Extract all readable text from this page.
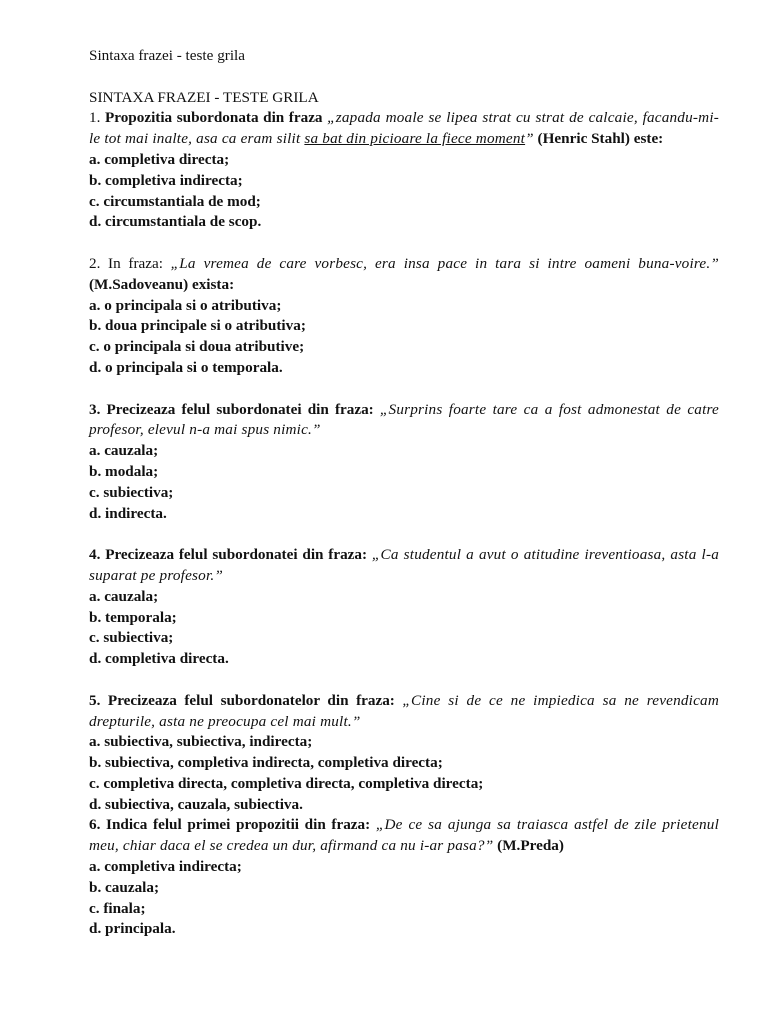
Sintaxa frazei - teste grila

SINTAXA FRAZEI - TESTE GRILA

1. Propozitia subordonata din fraza „zapada moale se lipea strat cu strat de calcaie, facandu-mi-le tot mai inalte, asa ca eram silit sa bat din picioare la fiece moment” (Henric Stahl) este:
a. completiva directa;
b. completiva indirecta;
c. circumstantiala de mod;
d. circumstantiala de scop.
2. In fraza: „La vremea de care vorbesc, era insa pace in tara si intre oameni buna-voire.” (M.Sadoveanu) exista:
a. o principala si o atributiva;
b. doua principale si o atributiva;
c. o principala si doua atributive;
d. o principala si o temporala.
3. Precizeaza felul subordonatei din fraza: „Surprins foarte tare ca a fost admonestat de catre profesor, elevul n-a mai spus nimic.”
a. cauzala;
b. modala;
c. subiectiva;
d. indirecta.
4. Precizeaza felul subordonatei din fraza: „Ca studentul a avut o atitudine ireventioasa, asta l-a suparat pe profesor.”
a. cauzala;
b. temporala;
c. subiectiva;
d. completiva directa.
5. Precizeaza felul subordonatelor din fraza: „Cine si de ce ne impiedica sa ne revendicam drepturile, asta ne preocupa cel mai mult.”
a. subiectiva, subiectiva, indirecta;
b. subiectiva, completiva indirecta, completiva directa;
c. completiva directa, completiva directa, completiva directa;
d. subiectiva, cauzala, subiectiva.
6. Indica felul primei propozitii din fraza: „De ce sa ajunga sa traiasca astfel de zile prietenul meu, chiar daca el se credea un dur, afirmand ca nu i-ar pasa?” (M.Preda)
a. completiva indirecta;
b. cauzala;
c. finala;
d. principala.
